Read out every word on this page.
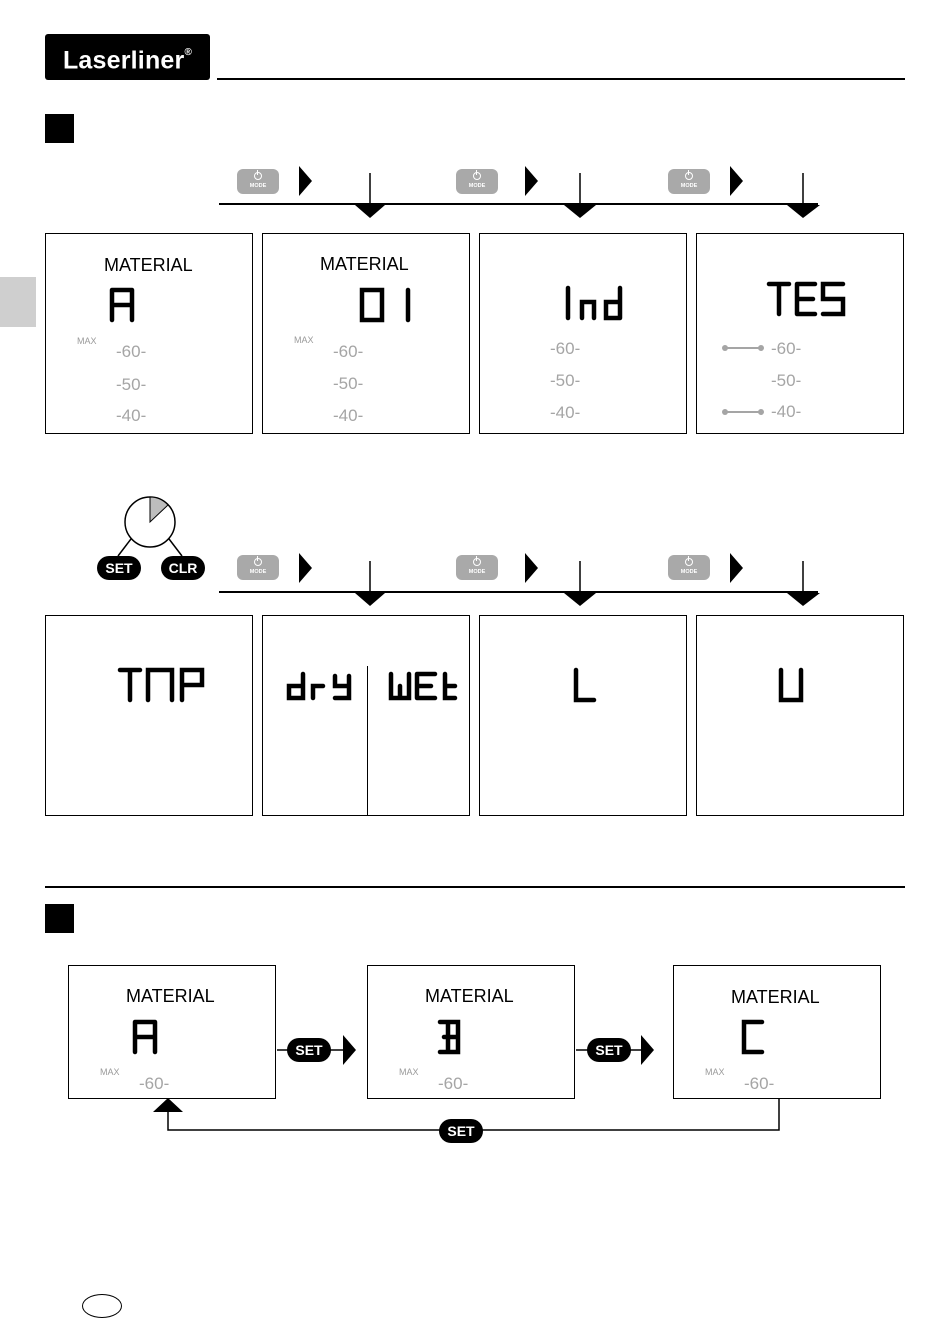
Laserliner®
MODE	MODE	MODE
MATERIAL
MAX
-60-
-50-
-40-
MATERIAL
MAX
-60-
-50-
-40-
-60-
-50-
-40-
-60-
-50-
-40-
SET	CLR	MODE	MODE	MODE
MATERIAL
MAX
-60-
MATERIAL
MAX
-60-
MATERIAL
MAX
-60-
SET	SET
SET
